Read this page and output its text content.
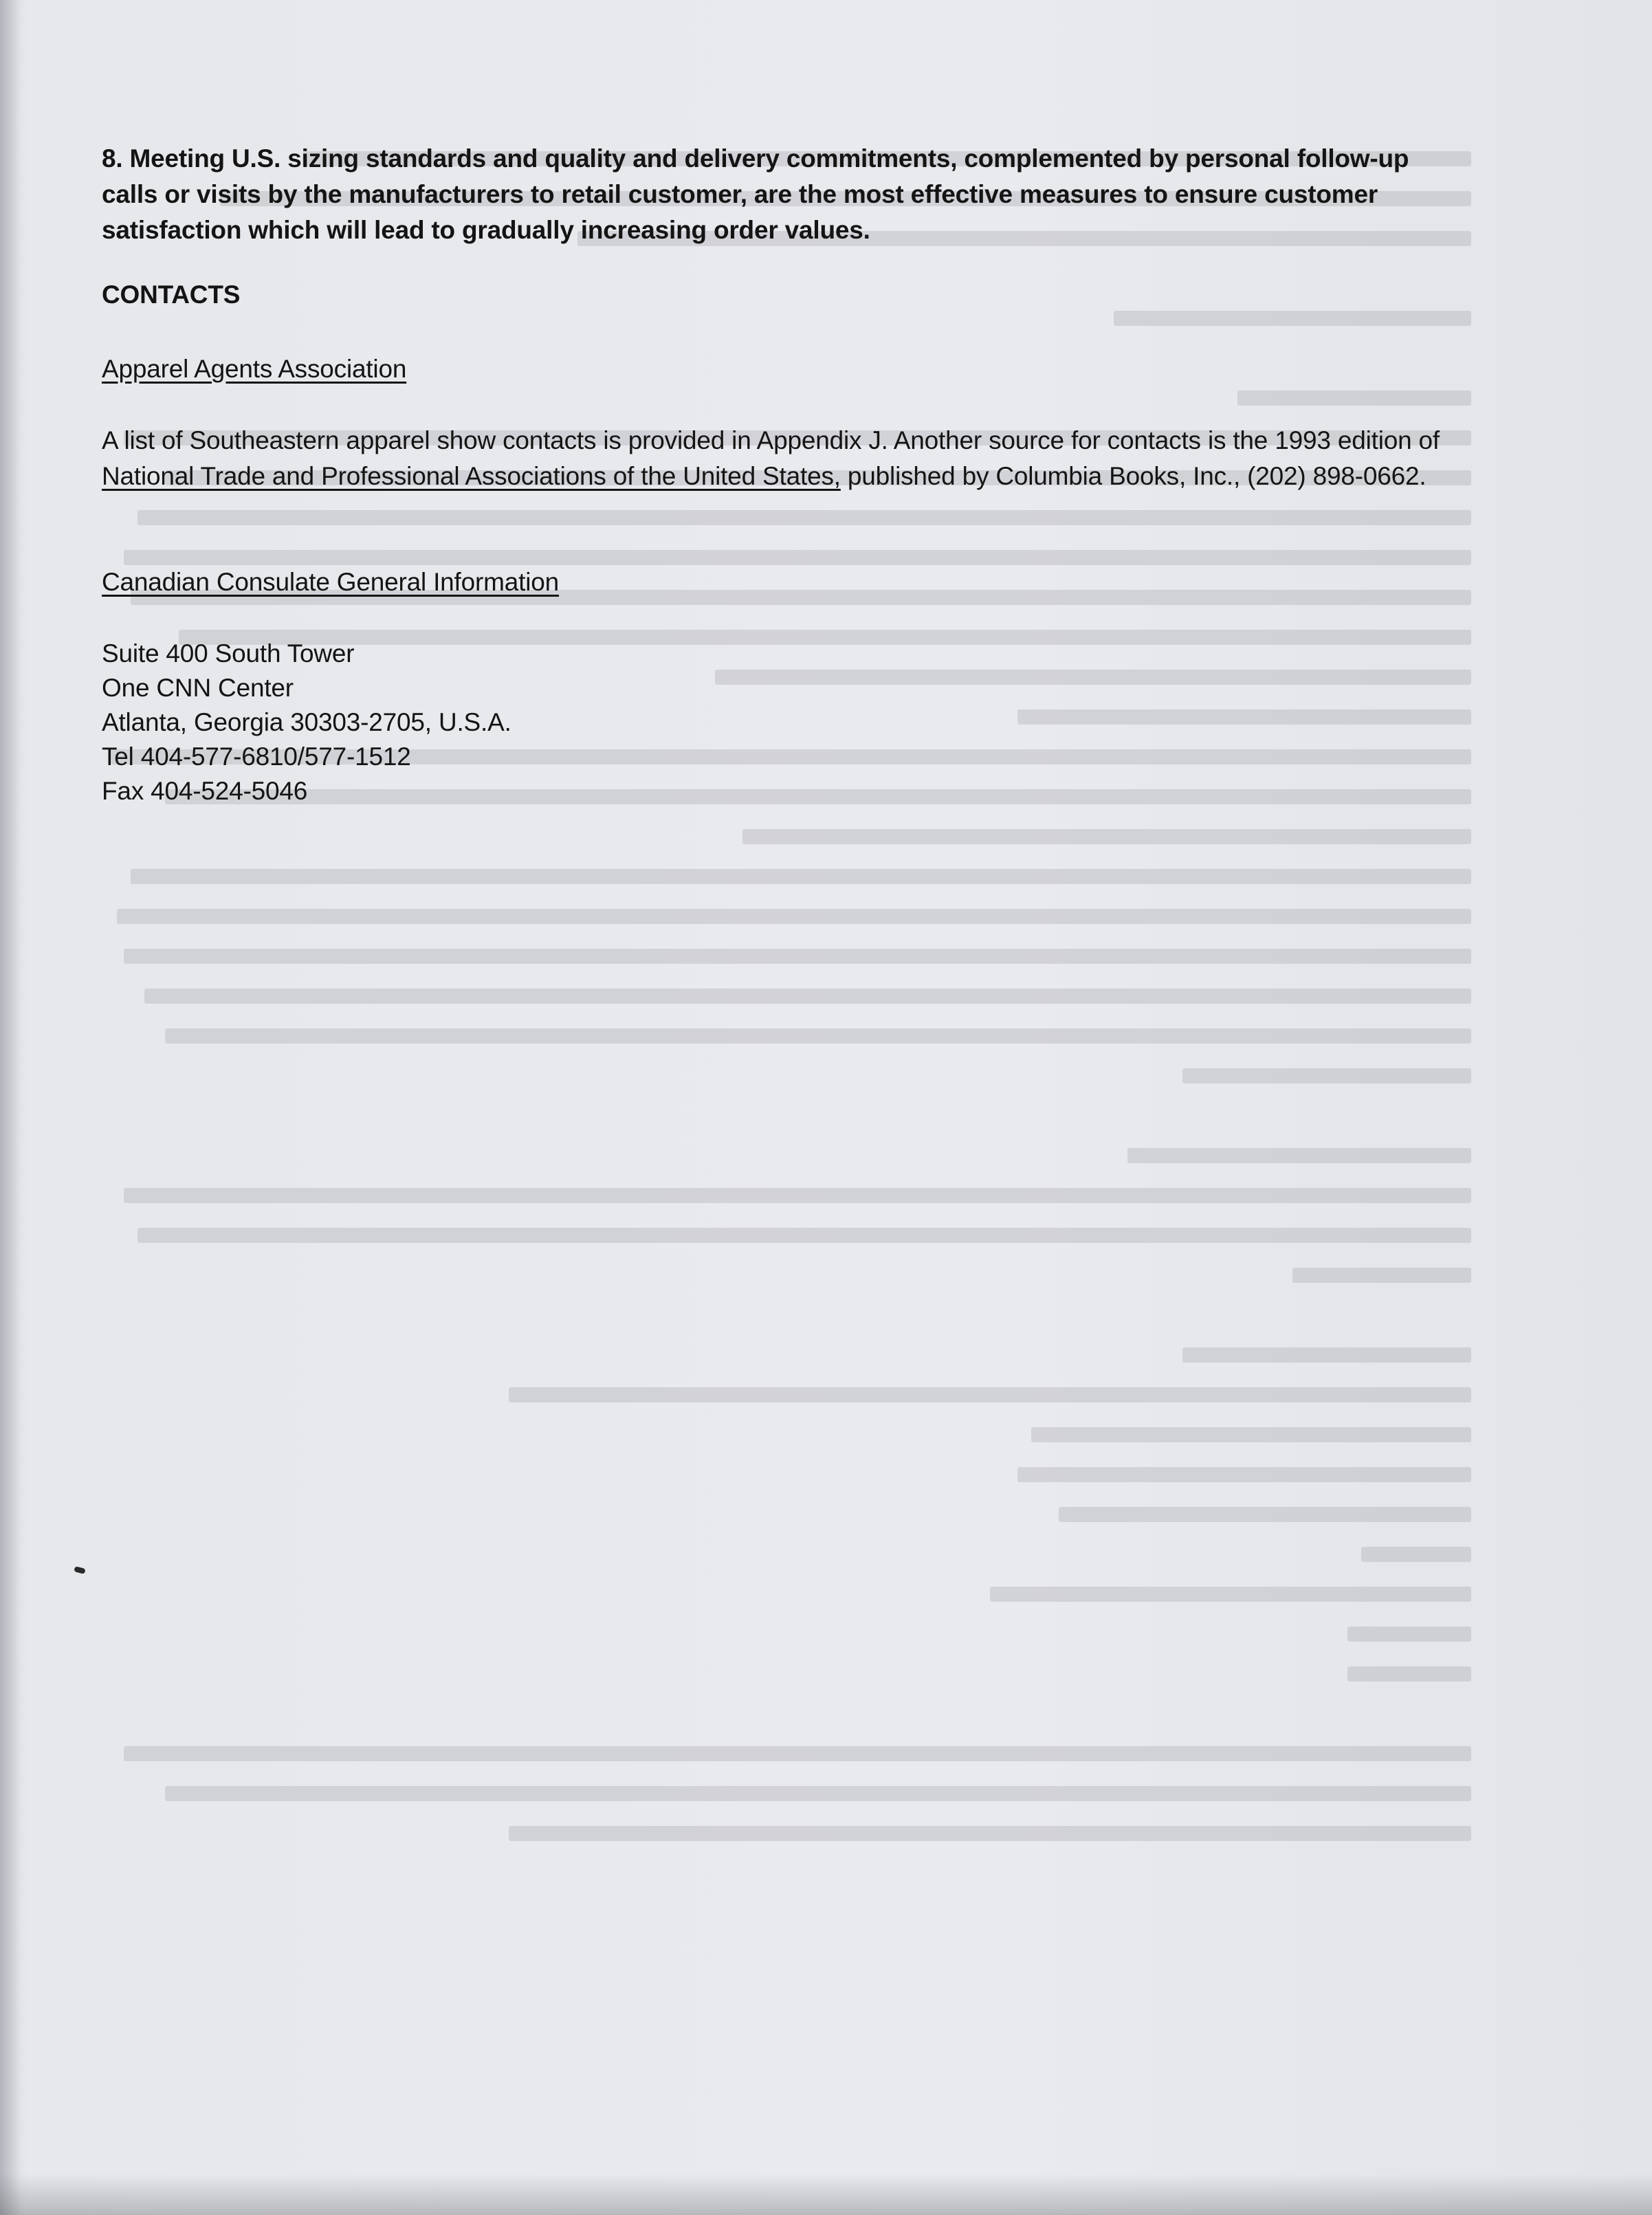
8. Meeting U.S. sizing standards and quality and delivery commitments, complemented by personal follow-up calls or visits by the manufacturers to retail customer, are the most effective measures to ensure customer satisfaction which will lead to gradually increasing order values.

CONTACTS

Apparel Agents Association

A list of Southeastern apparel show contacts is provided in Appendix J. Another source for contacts is the 1993 edition of National Trade and Professional Associations of the United States, published by Columbia Books, Inc., (202) 898-0662.

Canadian Consulate General Information

Suite 400 South Tower
One CNN Center
Atlanta, Georgia 30303-2705, U.S.A.
Tel 404-577-6810/577-1512
Fax 404-524-5046
